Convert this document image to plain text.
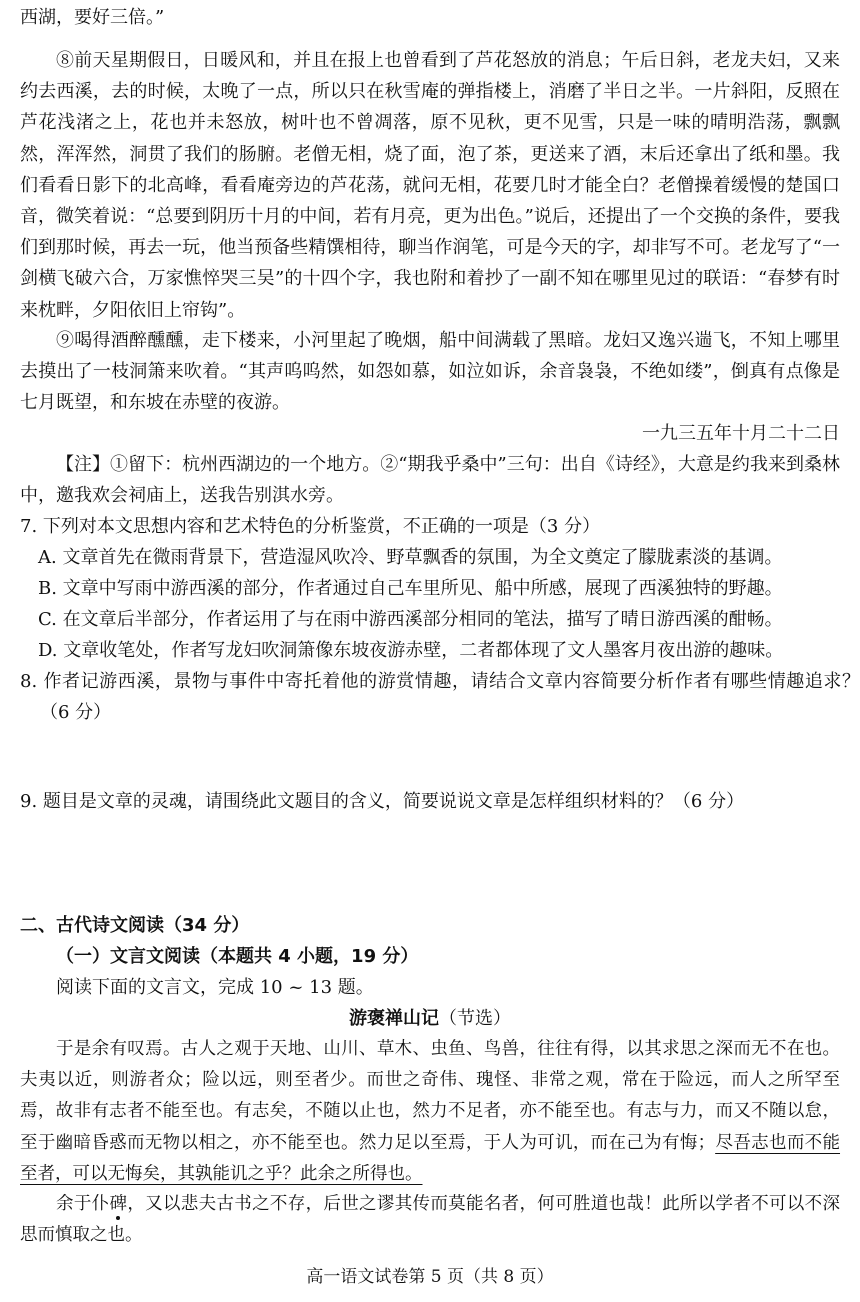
西湖，要好三倍。”

⑧前天星期假日，日暖风和，并且在报上也曾看到了芦花怒放的消息；午后日斜，老龙夫妇，又来约去西溪，去的时候，太晚了一点，所以只在秋雪庵的弹指楼上，消磨了半日之半。一片斜阳，反照在芦花浅渚之上，花也并未怒放，树叶也不曾凋落，原不见秋，更不见雪，只是一味的晴明浩荡，飘飘然，浑浑然，洞贯了我们的肠腑。老僧无相，烧了面，泡了茶，更送来了酒，末后还拿出了纸和墨。我们看看日影下的北高峰，看看庵旁边的芦花荡，就问无相，花要几时才能全白？老僧操着缓慢的楚国口音，微笑着说：“总要到阴历十月的中间，若有月亮，更为出色。”说后，还提出了一个交换的条件，要我们到那时候，再去一玩，他当预备些精馔相待，聊当作润笔，可是今天的字，却非写不可。老龙写了“一剑横飞破六合，万家憔悴哭三吴”的十四个字，我也附和着抄了一副不知在哪里见过的联语：“春梦有时来枕畔，夕阳依旧上帘钩”。

⑨喝得酒醉醺醺，走下楼来，小河里起了晚烟，船中间满载了黑暗。龙妇又逸兴遄飞，不知上哪里去摸出了一枝洞箫来吹着。“其声呜呜然，如怨如慕，如泣如诉，余音袅袅，不绝如缕”，倒真有点像是七月既望，和东坡在赤壁的夜游。

一九三五年十月二十二日

【注】①留下：杭州西湖边的一个地方。②“期我乎桑中”三句：出自《诗经》，大意是约我来到桑林中，邀我欢会祠庙上，送我告别淇水旁。

7. 下列对本文思想内容和艺术特色的分析鉴赏，不正确的一项是（3 分）

A. 文章首先在微雨背景下，营造湿风吹冷、野草飘香的氛围，为全文奠定了朦胧素淡的基调。

B. 文章中写雨中游西溪的部分，作者通过自己车里所见、船中所感，展现了西溪独特的野趣。

C. 在文章后半部分，作者运用了与在雨中游西溪部分相同的笔法，描写了晴日游西溪的酣畅。

D. 文章收笔处，作者写龙妇吹洞箫像东坡夜游赤壁，二者都体现了文人墨客月夜出游的趣味。

8. 作者记游西溪，景物与事件中寄托着他的游赏情趣，请结合文章内容简要分析作者有哪些情趣追求？（6 分）

9. 题目是文章的灵魂，请围绕此文题目的含义，简要说说文章是怎样组织材料的？（6 分）

二、古代诗文阅读（34 分）

（一）文言文阅读（本题共 4 小题，19 分）

阅读下面的文言文，完成 10 ~ 13 题。

游褒禅山记（节选）

于是余有叹焉。古人之观于天地、山川、草木、虫鱼、鸟兽，往往有得，以其求思之深而无不在也。夫夷以近，则游者众；险以远，则至者少。而世之奇伟、瑰怪、非常之观，常在于险远，而人之所罕至焉，故非有志者不能至也。有志矣，不随以止也，然力不足者，亦不能至也。有志与力，而又不随以怠，至于幽暗昏惑而无物以相之，亦不能至也。然力足以至焉，于人为可讥，而在己为有悔；尽吾志也而不能至者，可以无悔矣，其孰能讥之乎？此余之所得也。

余于仆碑
，又以悲夫古书之不存，后世之谬其传而莫能名者，何可胜道也哉！此所以学者不可以不深思而慎取之也。

高一语文试卷第 5 页（共 8 页）
